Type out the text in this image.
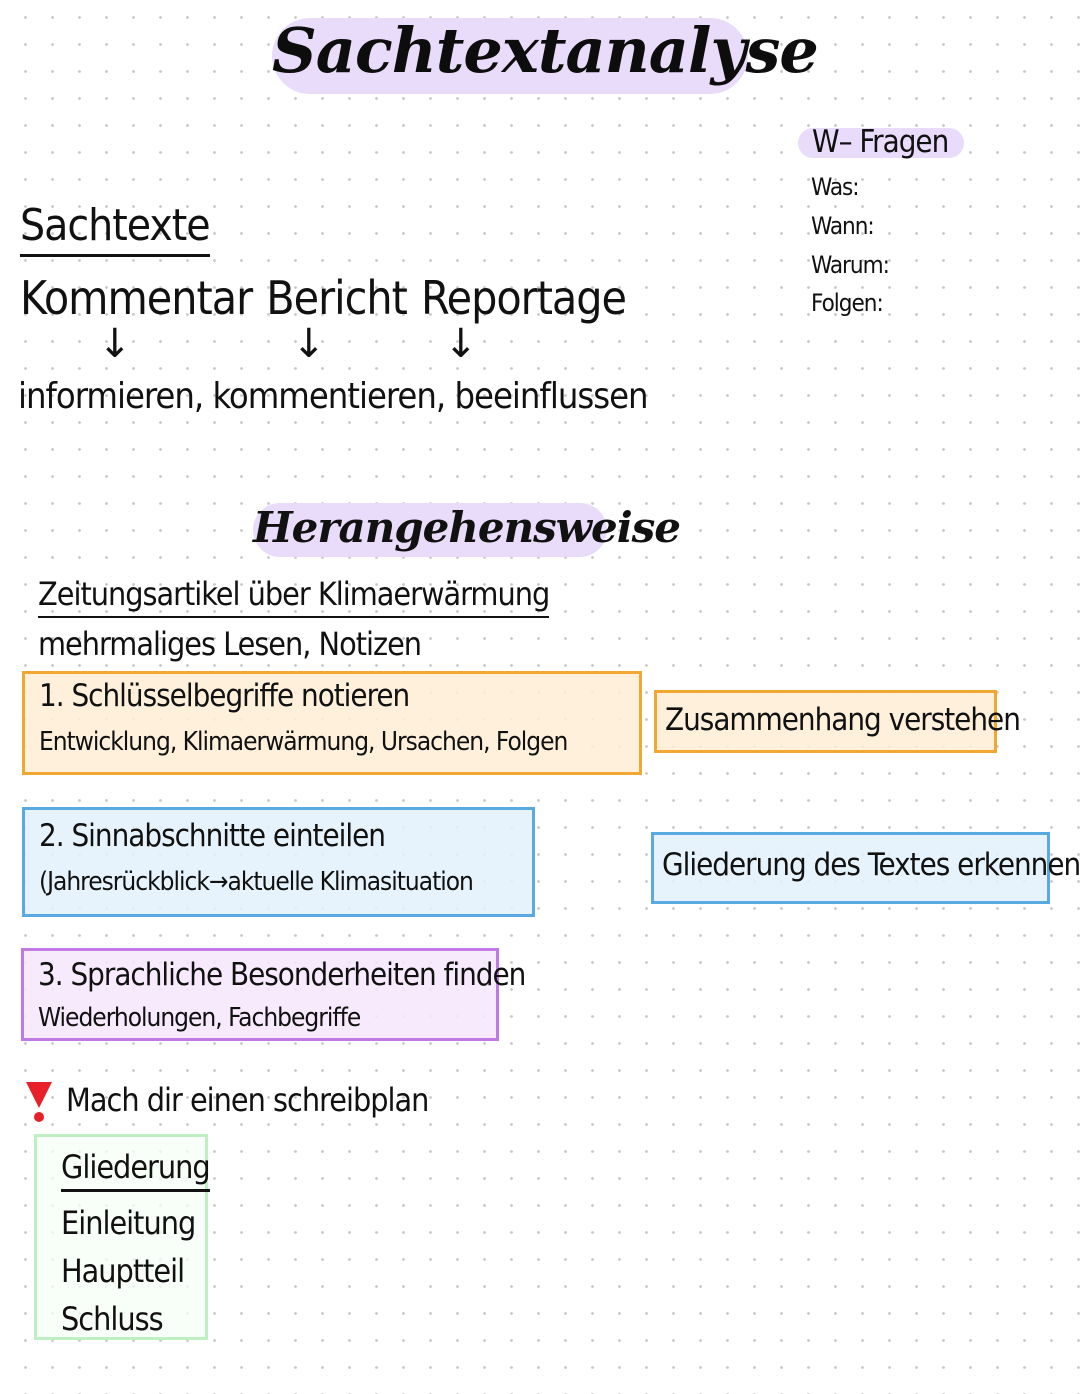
Sachtextanalyse
W– Fragen
Was:
Wann:
Warum:
Folgen:
Sachtexte
Kommentar Bericht Reportage
↓	↓	↓
informieren, kommentieren, beeinflussen
Herangehensweise
Zeitungsartikel über Klimaerwärmung
mehrmaliges Lesen, Notizen
1. Schlüsselbegriffe notieren
Entwicklung, Klimaerwärmung, Ursachen, Folgen
Zusammenhang verstehen
2. Sinnabschnitte einteilen
(Jahresrückblick→aktuelle Klimasituation	Gliederung des Textes erkennen
3. Sprachliche Besonderheiten finden
Wiederholungen, Fachbegriffe
Mach dir einen schreibplan
Gliederung
Einleitung
Hauptteil
Schluss
